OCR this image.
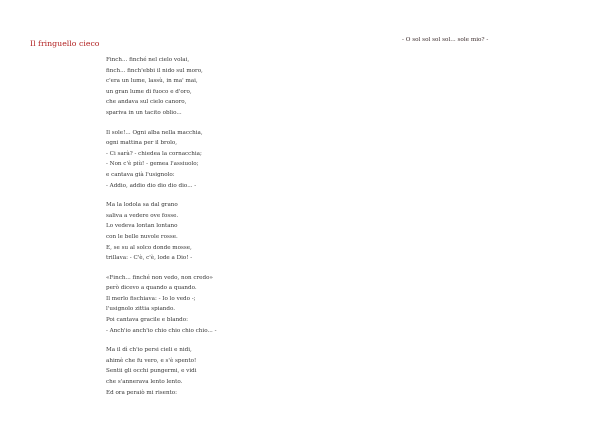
Il fringuello cieco	- O sol sol sol sol... sole mio? -
Finch... finché nel cielo volai,
finch... finch'ebbi il nido sul moro,
c'era un lume, lassù, in ma' mai,
un gran lume di fuoco e d'oro,
che andava sul cielo canoro,
spariva in un tacito oblio...
Il sole!... Ogni alba nella macchia,
ogni mattina per il brolo,
- Ci sarà? - chiedea la cornacchia;
- Non c'è più! - gemea l'assiuolo;
e cantava già l'usignolo:
- Addio, addio dio dio dio dio... -
Ma la lodola sa dal grano
saliva a vedere ove fosse.
Lo vedeva lontan lontano
con le belle nuvole rosse.
E, se su al solco donde mosse,
trillava: - C'è, c'è, lode a Dio! -
«Finch... finché non vedo, non credo»
però dicevo a quando a quando.
Il merlo fischiava: - Io lo vedo -;
l'usignolo zittia spiando.
Poi cantava gracile e blando:
- Anch'io anch'io chio chio chio chio... -
Ma il dì ch'io persi cieli e nidi,
ahimè che fu vero, e s'è spento!
Sentii gli occhi pungermi, e vidi
che s'annerava lento lento.
Ed ora peraiò mi risento:
